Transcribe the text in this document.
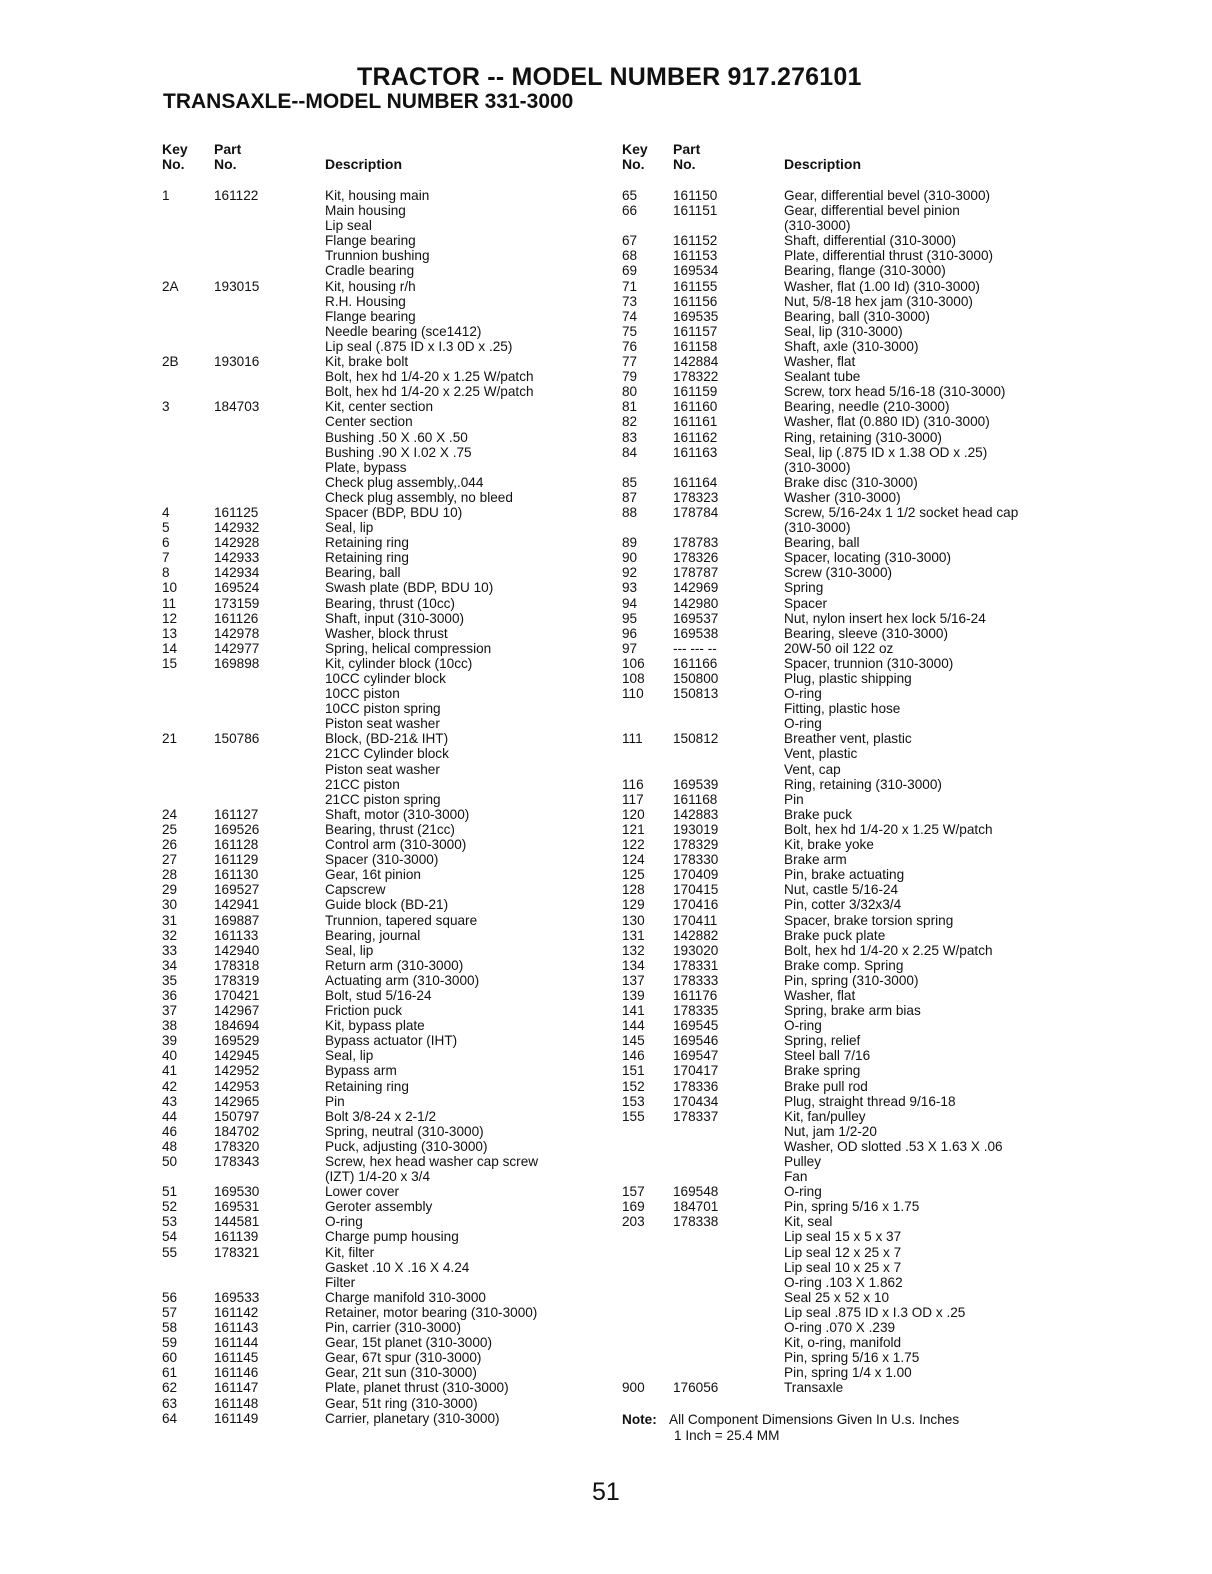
TRACTOR -- MODEL NUMBER 917.276101
TRANSAXLE--MODEL NUMBER 331-3000
Key
No.
Part
No.	Description
1	161122	Kit, housing main
Main housing
Lip seal
Flange bearing
Trunnion bushing
Cradle bearing
2A	193015	Kit, housing r/h
R.H. Housing
Flange bearing
Needle bearing (sce1412)
Lip seal (.875 ID x I.3 0D x .25)
2B	193016	Kit, brake bolt
Bolt, hex hd 1/4-20 x 1.25 W/patch
Bolt, hex hd 1/4-20 x 2.25 W/patch
3	184703	Kit, center section
Center section
Bushing .50 X .60 X .50
Bushing .90 X I.02 X .75
Plate, bypass
Check plug assembly,.044
Check plug assembly, no bleed
4	161125	Spacer (BDP, BDU 10)
5	142932	Seal, lip
6	142928	Retaining ring
7	142933	Retaining ring
8	142934	Bearing, ball
10	169524	Swash plate (BDP, BDU 10)
11	173159	Bearing, thrust (10cc)
12	161126	Shaft, input (310-3000)
13	142978	Washer, block thrust
14	142977	Spring, helical compression
15	169898	Kit, cylinder block (10cc)
10CC cylinder block
10CC piston
10CC piston spring
Piston seat washer
21	150786	Block, (BD-21& IHT)
21CC Cylinder block
Piston seat washer
21CC piston
21CC piston spring
24	161127	Shaft, motor (310-3000)
25	169526	Bearing, thrust (21cc)
26	161128	Control arm (310-3000)
27	161129	Spacer (310-3000)
28	161130	Gear, 16t pinion
29	169527	Capscrew
30	142941	Guide block (BD-21)
31	169887	Trunnion, tapered square
32	161133	Bearing, journal
33	142940	Seal, lip
34	178318	Return arm (310-3000)
35	178319	Actuating arm (310-3000)
36	170421	Bolt, stud 5/16-24
37	142967	Friction puck
38	184694	Kit, bypass plate
39	169529	Bypass actuator (IHT)
40	142945	Seal, lip
41	142952	Bypass arm
42	142953	Retaining ring
43	142965	Pin
44	150797	Bolt 3/8-24 x 2-1/2
46	184702	Spring, neutral (310-3000)
48	178320	Puck, adjusting (310-3000)
50	178343	Screw, hex head washer cap screw
(IZT) 1/4-20 x 3/4
51	169530	Lower cover
52	169531	Geroter assembly
53	144581	O-ring
54	161139	Charge pump housing
55	178321	Kit, filter
Gasket .10 X .16 X 4.24
Filter
56	169533	Charge manifold 310-3000
57	161142	Retainer, motor bearing (310-3000)
58	161143	Pin, carrier (310-3000)
59	161144	Gear, 15t planet (310-3000)
60	161145	Gear, 67t spur (310-3000)
61	161146	Gear, 21t sun (310-3000)
62	161147	Plate, planet thrust (310-3000)
63	161148	Gear, 51t ring (310-3000)
64	161149	Carrier, planetary (310-3000)
Key
No.
Part
No.	Description
65	161150	Gear, differential bevel (310-3000)
66	161151	Gear, differential bevel pinion
(310-3000)
67	161152	Shaft, differential (310-3000)
68	161153	Plate, differential thrust (310-3000)
69	169534	Bearing, flange (310-3000)
71	161155	Washer, flat (1.00 Id) (310-3000)
73	161156	Nut, 5/8-18 hex jam (310-3000)
74	169535	Bearing, ball (310-3000)
75	161157	Seal, lip (310-3000)
76	161158	Shaft, axle (310-3000)
77	142884	Washer, flat
79	178322	Sealant tube
80	161159	Screw, torx head 5/16-18 (310-3000)
81	161160	Bearing, needle (210-3000)
82	161161	Washer, flat (0.880 ID) (310-3000)
83	161162	Ring, retaining (310-3000)
84	161163	Seal, lip (.875 ID x 1.38 OD x .25)
(310-3000)
85	161164	Brake disc (310-3000)
87	178323	Washer (310-3000)
88	178784	Screw, 5/16-24x 1 1/2 socket head cap
(310-3000)
89	178783	Bearing, ball
90	178326	Spacer, locating (310-3000)
92	178787	Screw (310-3000)
93	142969	Spring
94	142980	Spacer
95	169537	Nut, nylon insert hex lock 5/16-24
96	169538	Bearing, sleeve (310-3000)
97	--- --- --	20W-50 oil 122 oz
106 161166	Spacer, trunnion (310-3000)
108 150800	Plug, plastic shipping
110 150813	O-ring
Fitting, plastic hose
O-ring
111 150812	Breather vent, plastic
Vent, plastic
Vent, cap
116 169539	Ring, retaining (310-3000)
117 161168	Pin
120 142883	Brake puck
121 193019	Bolt, hex hd 1/4-20 x 1.25 W/patch
122 178329	Kit, brake yoke
124 178330	Brake arm
125 170409	Pin, brake actuating
128 170415	Nut, castle 5/16-24
129 170416	Pin, cotter 3/32x3/4
130 170411	Spacer, brake torsion spring
131 142882	Brake puck plate
132 193020	Bolt, hex hd 1/4-20 x 2.25 W/patch
134 178331	Brake comp. Spring
137 178333	Pin, spring (310-3000)
139 161176	Washer, flat
141 178335	Spring, brake arm bias
144 169545	O-ring
145 169546	Spring, relief
146 169547	Steel ball 7/16
151 170417	Brake spring
152 178336	Brake pull rod
153 170434	Plug, straight thread 9/16-18
155 178337	Kit, fan/pulley
Nut, jam 1/2-20
Washer, OD slotted .53 X 1.63 X .06
Pulley
Fan
157 169548	O-ring
169 184701	Pin, spring 5/16 x 1.75
203 178338	Kit, seal
Lip seal 15 x 5 x 37
Lip seal 12 x 25 x 7
Lip seal 10 x 25 x 7
O-ring .103 X 1.862
Seal 25 x 52 x 10
Lip seal .875 ID x I.3 OD x .25
O-ring .070 X .239
Kit, o-ring, manifold
Pin, spring 5/16 x 1.75
Pin, spring 1/4 x 1.00
900 176056	Transaxle
Note: All Component Dimensions Given In U.s. Inches
1 Inch = 25.4 MM
51
